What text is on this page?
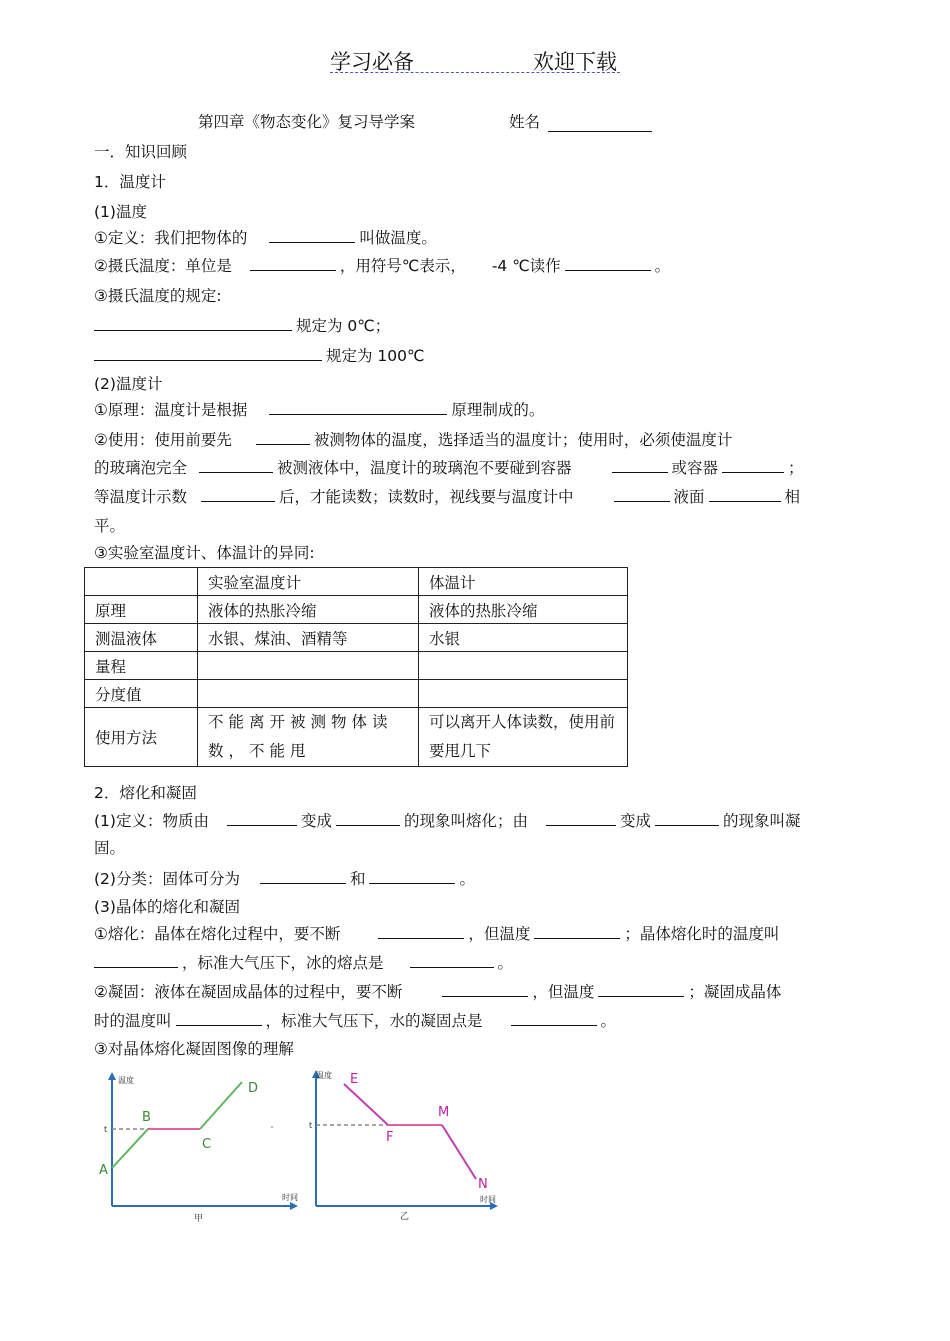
学习必备	欢迎下载
第四章《物态变化》复习导学案	姓名
一．知识回顾
1．温度计
(1)温度
①定义：我们把物体的	叫做温度。
②摄氏温度：单位是	，用符号℃表示， -4 ℃读作	。
③摄氏温度的规定:
规定为 0℃；
规定为 100℃
(2)温度计
①原理：温度计是根据	原理制成的。
②使用：使用前要先	被测物体的温度，选择适当的温度计；使用时，必须使温度计
的玻璃泡完全	被测液体中，温度计的玻璃泡不要碰到容器	或容器	；
等温度计示数	后，才能读数；读数时，视线要与温度计中	液面	相
平。
③实验室温度计、体温计的异同:
	实验室温度计	体温计
原理	液体的热胀冷缩	液体的热胀冷缩
测温液体	水银、煤油、酒精等	水银
量程		
分度值		
使用方法	不能离开被测物体读数，不能甩	可以离开人体读数，使用前要甩几下
2．熔化和凝固
(1)定义：物质由	变成	的现象叫熔化；由	变成	的现象叫凝
固。
(2)分类：固体可分为	和	。
(3)晶体的熔化和凝固
①熔化：晶体在熔化过程中，要不断	，但温度	；晶体熔化时的温度叫
，标准大气压下，冰的熔点是	。
②凝固：液体在凝固成晶体的过程中，要不断	，但温度	；凝固成晶体
时的温度叫	，标准大气压下，水的凝固点是	。
③对晶体熔化凝固图像的理解
温度
时间
t
A
B
C
D
甲
温度
时间
t
E
F
M
N
乙
